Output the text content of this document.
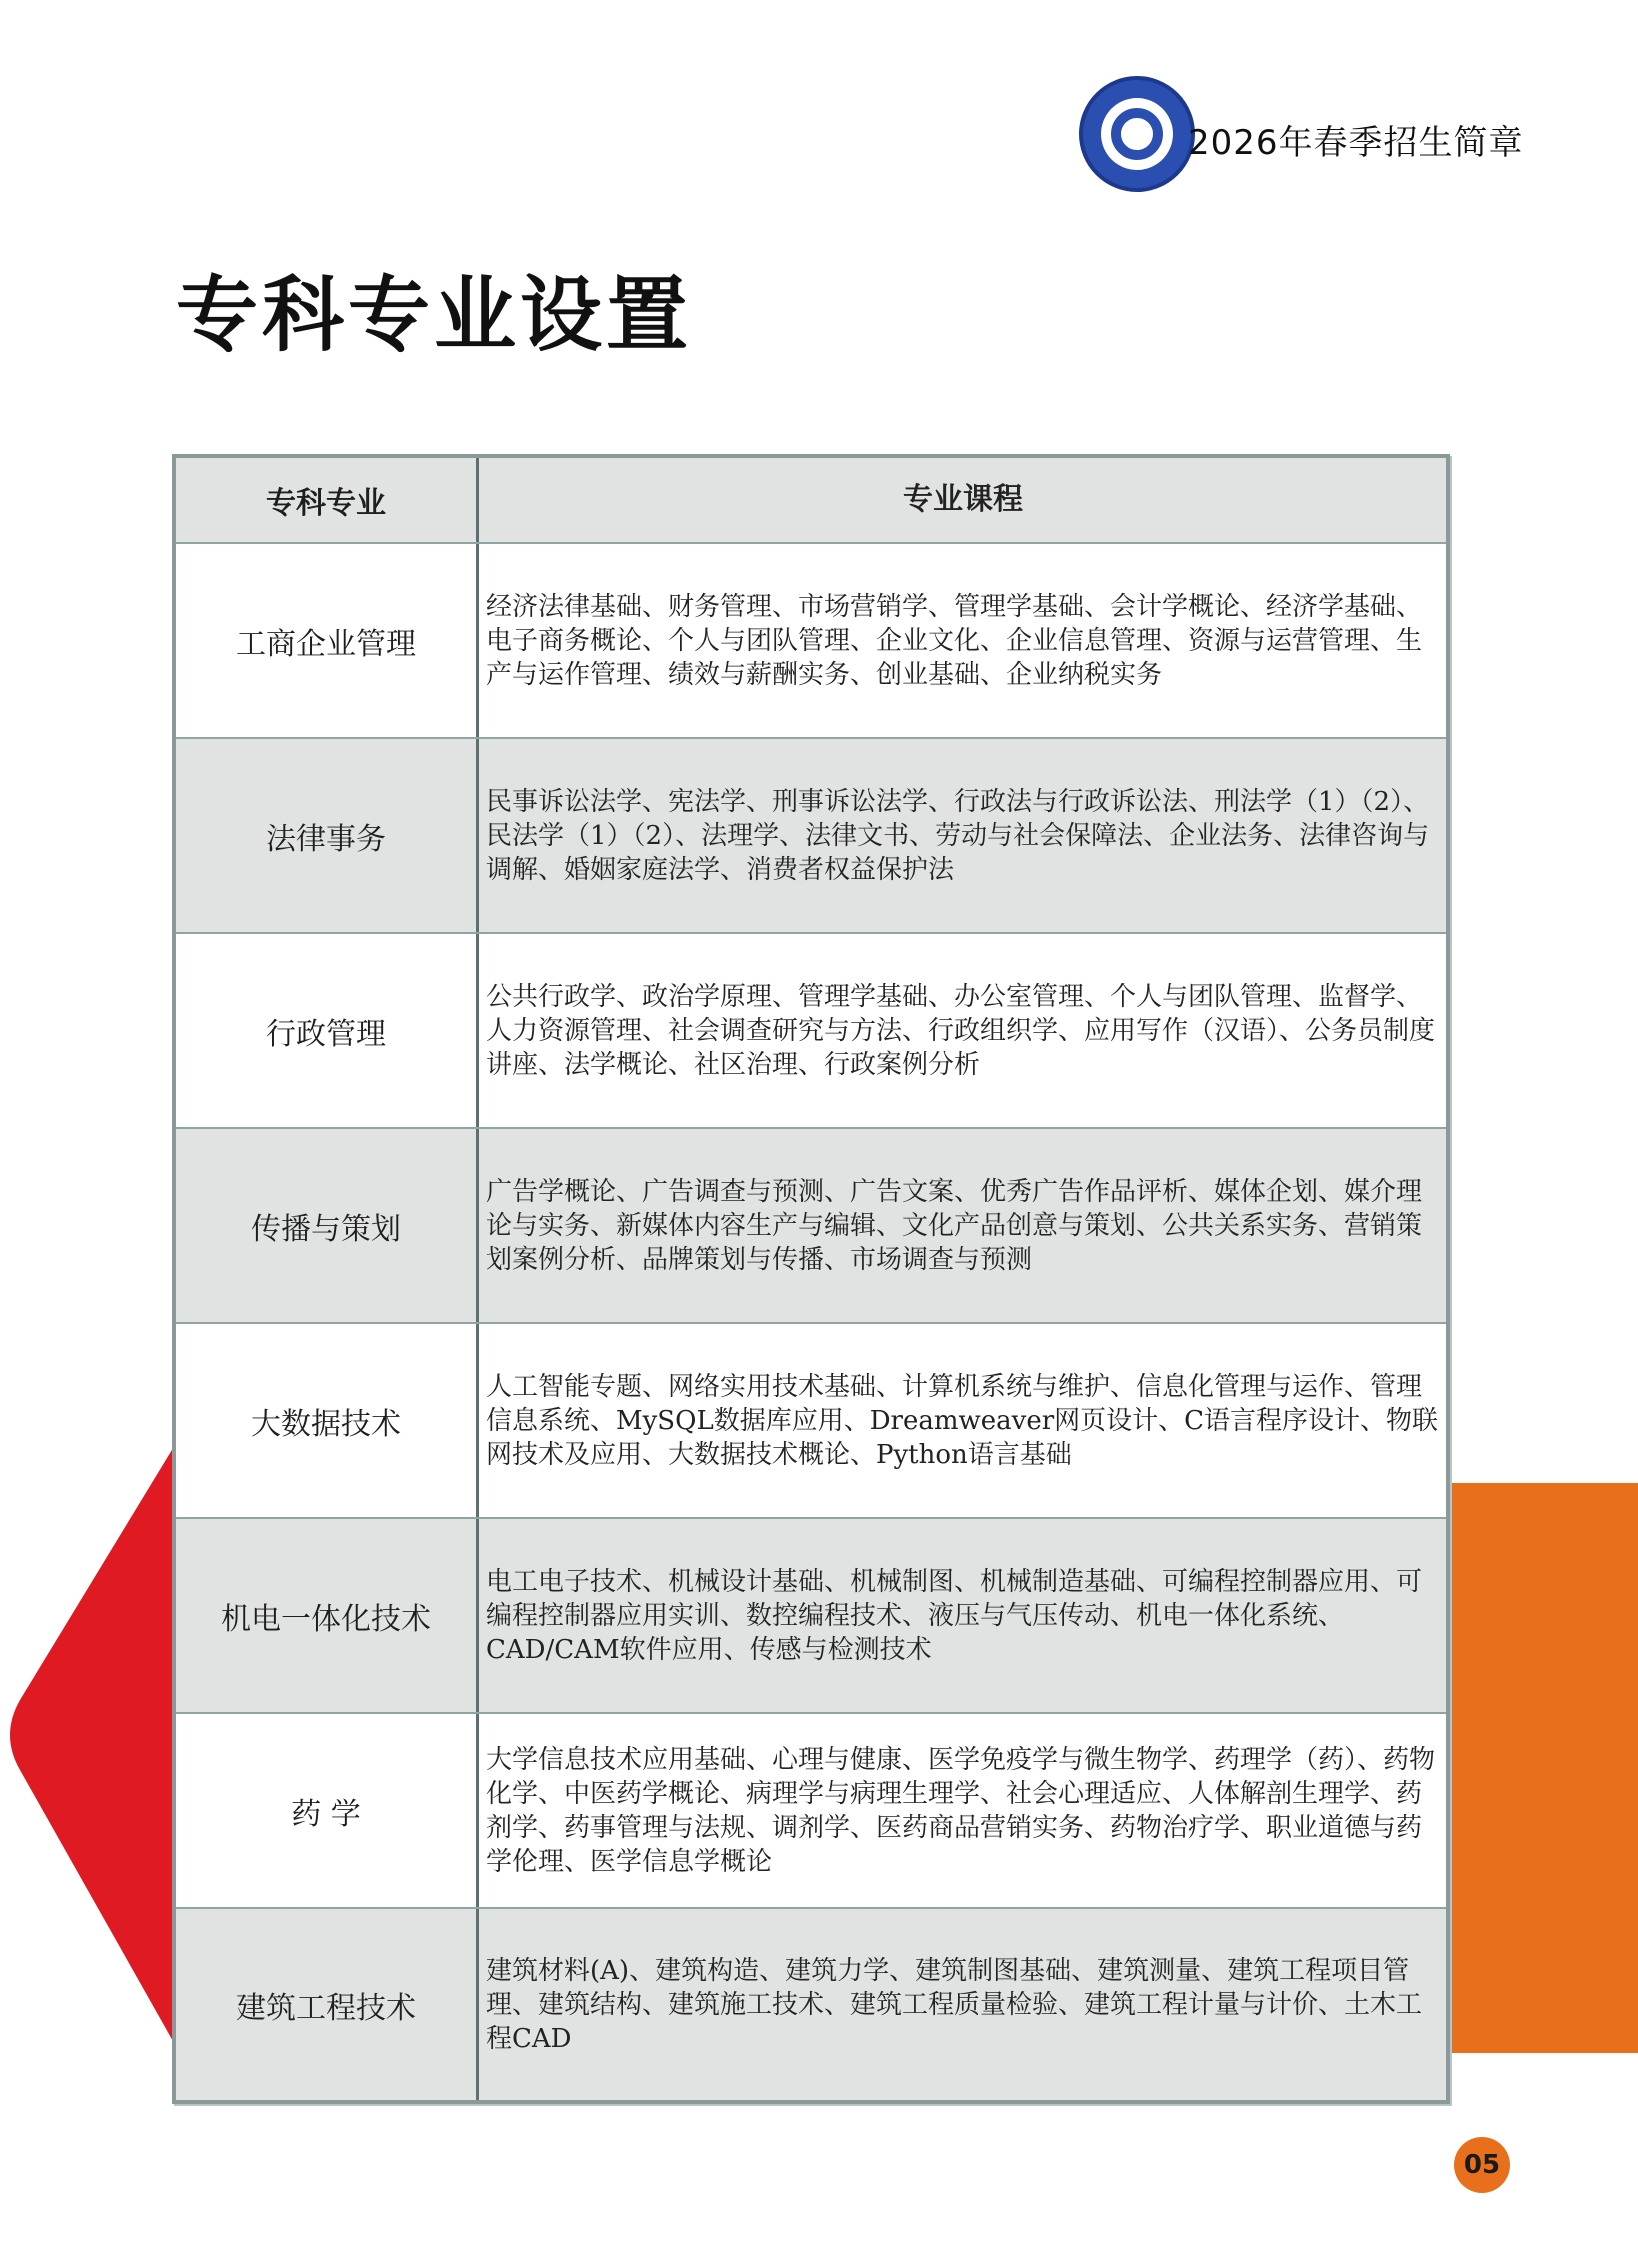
2026年春季招生简章
专科专业设置
专科专业	专业课程
工商企业管理
经济法律基础、财务管理、市场营销学、管理学基础、会计学概论、经济学基础、电子商务概论、个人与团队管理、企业文化、企业信息管理、资源与运营管理、生产与运作管理、绩效与薪酬实务、创业基础、企业纳税实务
法律事务
民事诉讼法学、宪法学、刑事诉讼法学、行政法与行政诉讼法、刑法学（1）（2）、民法学（1）（2）、法理学、法律文书、劳动与社会保障法、企业法务、法律咨询与调解、婚姻家庭法学、消费者权益保护法
行政管理
公共行政学、政治学原理、管理学基础、办公室管理、个人与团队管理、监督学、人力资源管理、社会调查研究与方法、行政组织学、应用写作（汉语）、公务员制度讲座、法学概论、社区治理、行政案例分析
传播与策划
广告学概论、广告调查与预测、广告文案、优秀广告作品评析、媒体企划、媒介理论与实务、新媒体内容生产与编辑、文化产品创意与策划、公共关系实务、营销策划案例分析、品牌策划与传播、市场调查与预测
大数据技术
人工智能专题、网络实用技术基础、计算机系统与维护、信息化管理与运作、管理信息系统、MySQL数据库应用、Dreamweaver网页设计、C语言程序设计、物联网技术及应用、大数据技术概论、Python语言基础
机电一体化技术
电工电子技术、机械设计基础、机械制图、机械制造基础、可编程控制器应用、可编程控制器应用实训、数控编程技术、液压与气压传动、机电一体化系统、CAD/CAM软件应用、传感与检测技术
药 学
大学信息技术应用基础、心理与健康、医学免疫学与微生物学、药理学（药）、药物化学、中医药学概论、病理学与病理生理学、社会心理适应、人体解剖生理学、药剂学、药事管理与法规、调剂学、医药商品营销实务、药物治疗学、职业道德与药学伦理、医学信息学概论
建筑工程技术
建筑材料(A)、建筑构造、建筑力学、建筑制图基础、建筑测量、建筑工程项目管理、建筑结构、建筑施工技术、建筑工程质量检验、建筑工程计量与计价、土木工程CAD
05
